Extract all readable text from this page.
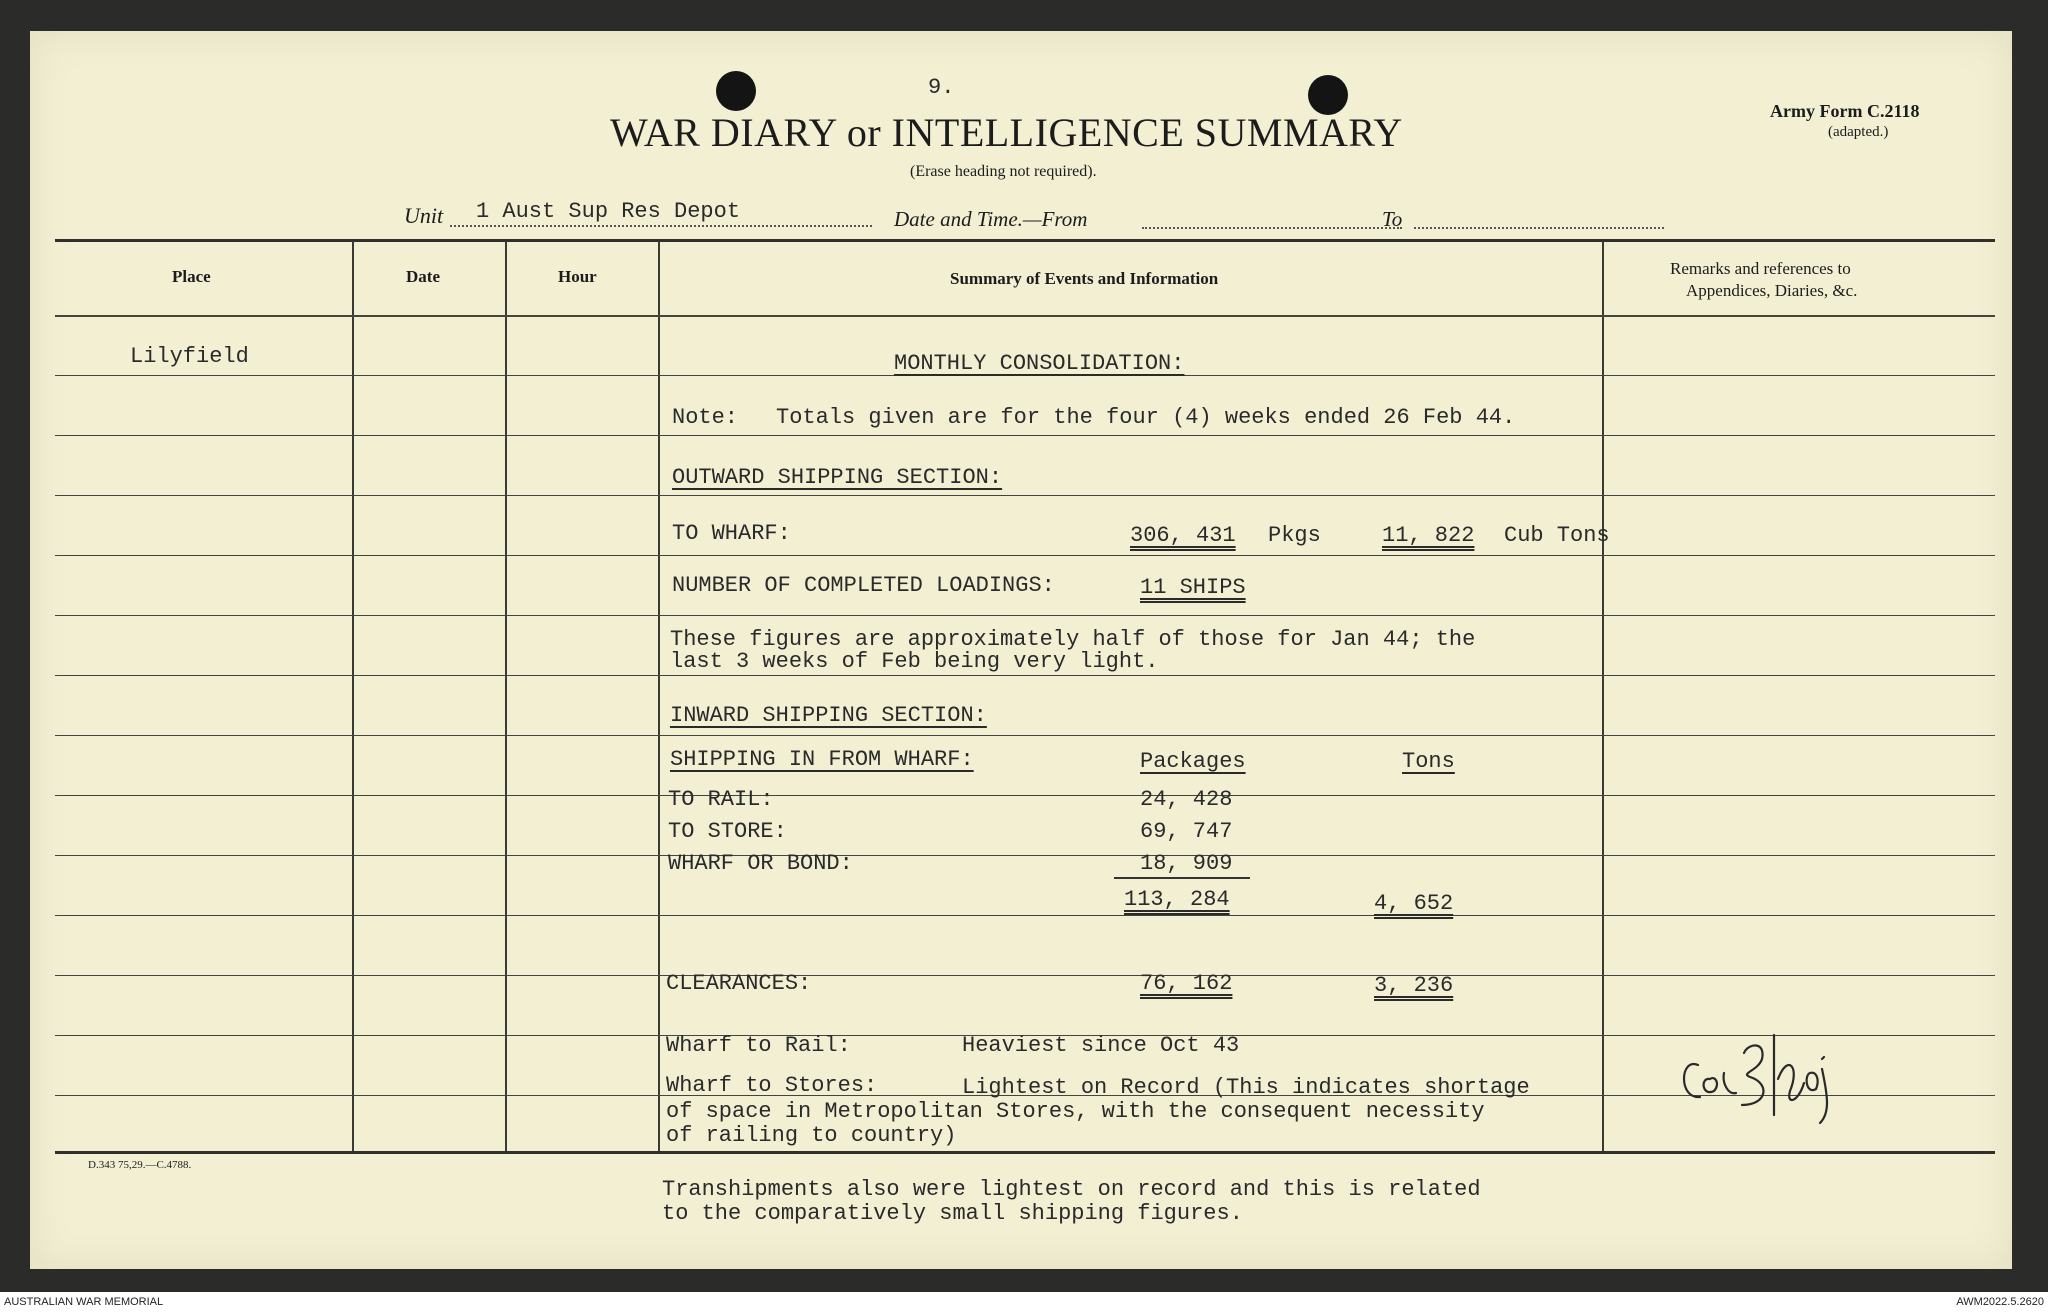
9.
WAR DIARY or INTELLIGENCE SUMMARY
(Erase heading not required).
Army Form C.2118
(adapted.)
Unit 1 Aust Sup Res Depot	Date and Time.—From	To
Place	Date	Hour	Summary of Events and Information
Remarks and references to
Appendices, Diaries, &c.
Lilyfield	MONTHLY CONSOLIDATION:
Note: Totals given are for the four (4) weeks ended 26 Feb 44.
OUTWARD SHIPPING SECTION:
TO WHARF:	306, 431 Pkgs	11, 822 Cub Tons
NUMBER OF COMPLETED LOADINGS:	11 SHIPS
These figures are approximately half of those for Jan 44; the
last 3 weeks of Feb being very light.
INWARD SHIPPING SECTION:
SHIPPING IN FROM WHARF:	Packages	Tons
TO RAIL:	24, 428
TO STORE:	69, 747
WHARF OR BOND:	18, 909
113, 284	4, 652
CLEARANCES:	76, 162	3, 236
Wharf to Rail:	Heaviest since Oct 43
Wharf to Stores:	Lightest on Record (This indicates shortage
of space in Metropolitan Stores, with the consequent necessity
of railing to country)
Transhipments also were lightest on record and this is related
to the comparatively small shipping figures.
D.343 75,29.—C.4788.
AUSTRALIAN WAR MEMORIAL	AWM2022.5.2620
